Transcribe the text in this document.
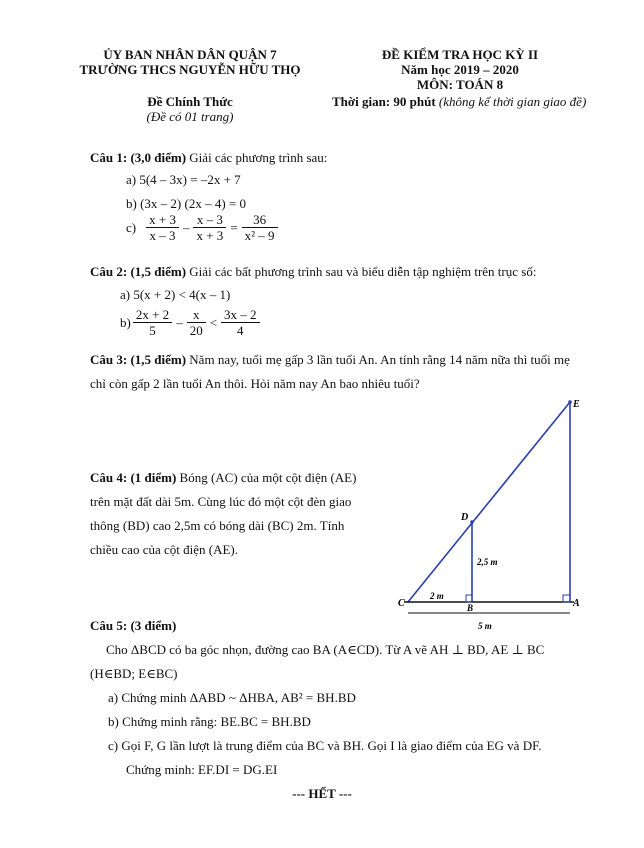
ỦY BAN NHÂN DÂN QUẬN 7
TRƯỜNG THCS NGUYỄN HỮU THỌ
ĐỀ KIỂM TRA HỌC KỲ II
Năm học 2019 – 2020
MÔN: TOÁN 8
Đề Chính Thức
(Đề có 01 trang)
Thời gian: 90 phút (không kể thời gian giao đề)
Câu 1: (3,0 điểm) Giải các phương trình sau:
a) 5(4 – 3x) = –2x + 7
b) (3x – 2) (2x – 4) = 0
$c) \frac{x + 3}{x - 3} - \frac{x - 3}{x + 3} = \frac{36}{\text{x² – 9}}$
Câu 2: (1,5 điểm) Giải các bất phương trình sau và biểu diễn tập nghiệm trên trục số:
a) 5(x + 2) < 4(x – 1)
$b) \frac{2x + 2}{5} - \frac{x}{20} < \frac{3x - 2}{4}$
Câu 3: (1,5 điểm) Năm nay, tuổi mẹ gấp 3 lần tuổi An. An tính rằng 14 năm nữa thì tuổi mẹ
chỉ còn gấp 2 lần tuổi An thôi. Hỏi năm nay An bao nhiêu tuổi?
Câu 4: (1 điểm) Bóng (AC) của một cột điện (AE)
trên mặt đất dài 5m. Cùng lúc đó một cột đèn giao
thông (BD) cao 2,5m có bóng dài (BC) 2m. Tính
chiều cao của cột điện (AE).
E
D
C	B	A
2,5 m
2 m
5 m
Câu 5: (3 điểm)
Cho ΔBCD có ba góc nhọn, đường cao BA (A∈CD). Từ A vẽ AH ⊥ BD, AE ⊥ BC
(H∈BD; E∈BC)
a) Chứng minh ΔABD ~ ΔHBA, AB² = BH.BD
b) Chứng minh rằng: BE.BC = BH.BD
c) Gọi F, G lần lượt là trung điểm của BC và BH. Gọi I là giao điểm của EG và DF.
Chứng minh: EF.DI = DG.EI
--- HẾT ---
